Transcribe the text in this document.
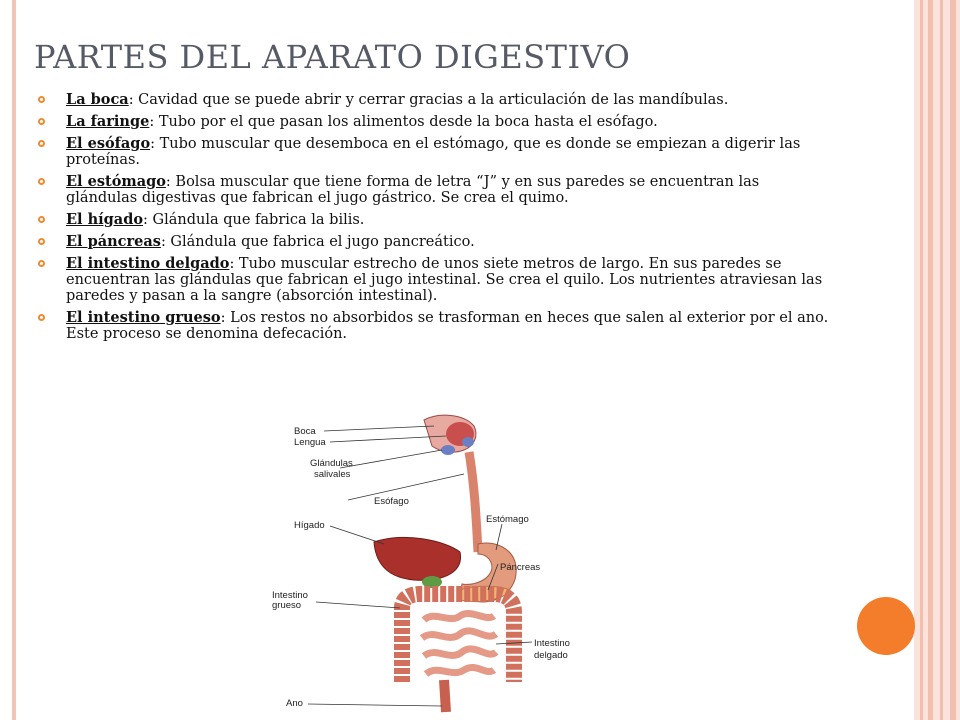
PARTES DEL APARATO DIGESTIVO
La boca: Cavidad que se puede abrir y cerrar gracias a la articulación de las mandíbulas.
La faringe: Tubo por el que pasan los alimentos desde la boca hasta el esófago.
El esófago: Tubo muscular que desemboca en el estómago, que es donde se empiezan a digerir las proteínas.
El estómago: Bolsa muscular que tiene forma de letra “J” y en sus paredes se encuentran las glándulas digestivas que fabrican el jugo gástrico. Se crea el quimo.
El hígado: Glándula que fabrica la bilis.
El páncreas: Glándula que fabrica el jugo pancreático.
El intestino delgado: Tubo muscular estrecho de unos siete metros de largo. En sus paredes se encuentran las glándulas que fabrican el jugo intestinal. Se crea el quilo. Los nutrientes atraviesan las paredes y pasan a la sangre (absorción intestinal).
El intestino grueso: Los restos no absorbidos se trasforman en heces que salen al exterior por el ano. Este proceso se denomina defecación.
Boca
Lengua
Glándulas
salivales
Esófago
Hígado
Estómago
Páncreas
Intestino
grueso
Intestino
delgado
Ano
